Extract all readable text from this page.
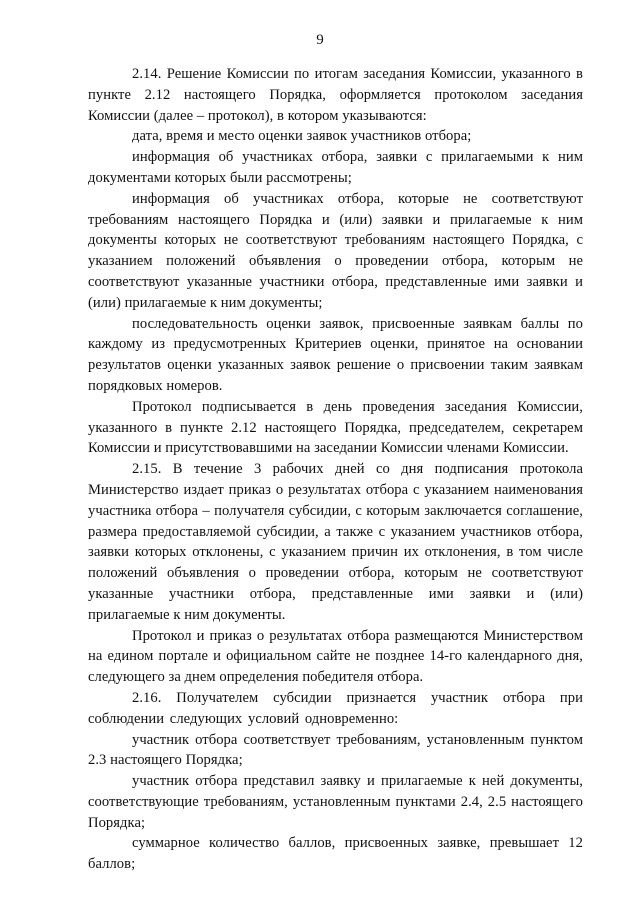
9

2.14. Решение Комиссии по итогам заседания Комиссии, указанного в пункте 2.12 настоящего Порядка, оформляется протоколом заседания Комиссии (далее – протокол), в котором указываются:

дата, время и место оценки заявок участников отбора;

информация об участниках отбора, заявки с прилагаемыми к ним документами которых были рассмотрены;

информация об участниках отбора, которые не соответствуют требованиям настоящего Порядка и (или) заявки и прилагаемые к ним документы которых не соответствуют требованиям настоящего Порядка, с указанием положений объявления о проведении отбора, которым не соответствуют указанные участники отбора, представленные ими заявки и (или) прилагаемые к ним документы;

последовательность оценки заявок, присвоенные заявкам баллы по каждому из предусмотренных Критериев оценки, принятое на основании результатов оценки указанных заявок решение о присвоении таким заявкам порядковых номеров.

Протокол подписывается в день проведения заседания Комиссии, указанного в пункте 2.12 настоящего Порядка, председателем, секретарем Комиссии и присутствовавшими на заседании Комиссии членами Комиссии.

2.15. В течение 3 рабочих дней со дня подписания протокола Министерство издает приказ о результатах отбора с указанием наименования участника отбора – получателя субсидии, с которым заключается соглашение, размера предоставляемой субсидии, а также с указанием участников отбора, заявки которых отклонены, с указанием причин их отклонения, в том числе положений объявления о проведении отбора, которым не соответствуют указанные участники отбора, представленные ими заявки и (или) прилагаемые к ним документы.

Протокол и приказ о результатах отбора размещаются Министерством на едином портале и официальном сайте не позднее 14-го календарного дня, следующего за днем определения победителя отбора.

2.16. Получателем субсидии признается участник отбора при соблюдении следующих условий одновременно:

участник отбора соответствует требованиям, установленным пунктом 2.3 настоящего Порядка;

участник отбора представил заявку и прилагаемые к ней документы, соответствующие требованиям, установленным пунктами 2.4, 2.5 настоящего Порядка;

суммарное количество баллов, присвоенных заявке, превышает 12 баллов;
